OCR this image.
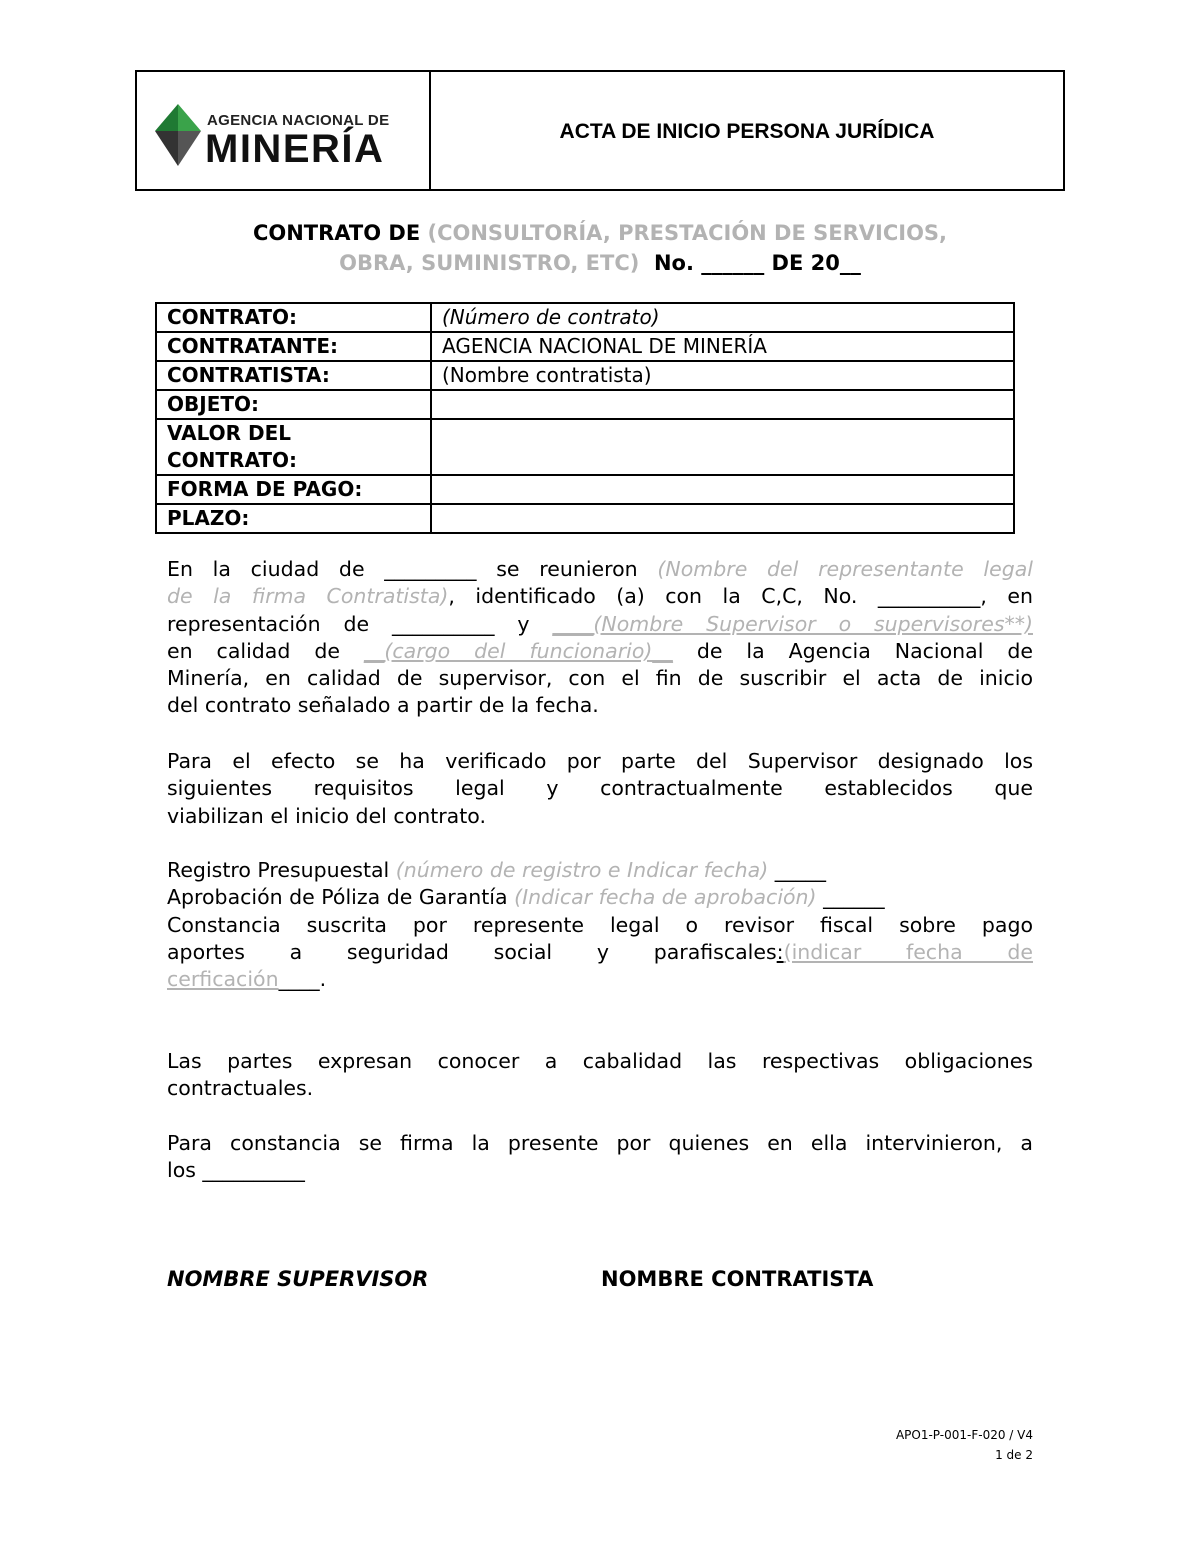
AGENCIA NACIONAL DE
MINERÍA	ACTA DE INICIO PERSONA JURÍDICA
CONTRATO DE (CONSULTORÍA, PRESTACIÓN DE SERVICIOS,
OBRA, SUMINISTRO, ETC) No. ______ DE 20__
CONTRATO:	(Número de contrato)
CONTRATANTE:	AGENCIA NACIONAL DE MINERÍA
CONTRATISTA:	(Nombre contratista)
OBJETO:	

VALOR DEL
CONTRATO:	

FORMA DE PAGO:	
PLAZO:	
En la ciudad de _________ se reunieron (Nombre del representante legal
de la firma Contratista), identificado (a) con la C,C, No. __________, en
representación de __________ y ____(Nombre Supervisor o supervisores**)
en calidad de __(cargo del funcionario)__ de la Agencia Nacional de
Minería, en calidad de supervisor, con el fin de suscribir el acta de inicio
del contrato señalado a partir de la fecha.
Para el efecto se ha verificado por parte del Supervisor designado los
siguientes requisitos legal y contractualmente establecidos que
viabilizan el inicio del contrato.
Registro Presupuestal (número de registro e Indicar fecha) _____
Aprobación de Póliza de Garantía (Indicar fecha de aprobación) ______
Constancia suscrita por represente legal o revisor fiscal sobre pago
aportes a seguridad social y parafiscales:(indicar fecha de
cerficación____.
Las partes expresan conocer a cabalidad las respectivas obligaciones
contractuales.
Para constancia se firma la presente por quienes en ella intervinieron, a
los __________
NOMBRE SUPERVISOR	NOMBRE CONTRATISTA
APO1-P-001-F-020 / V4
1 de 2
